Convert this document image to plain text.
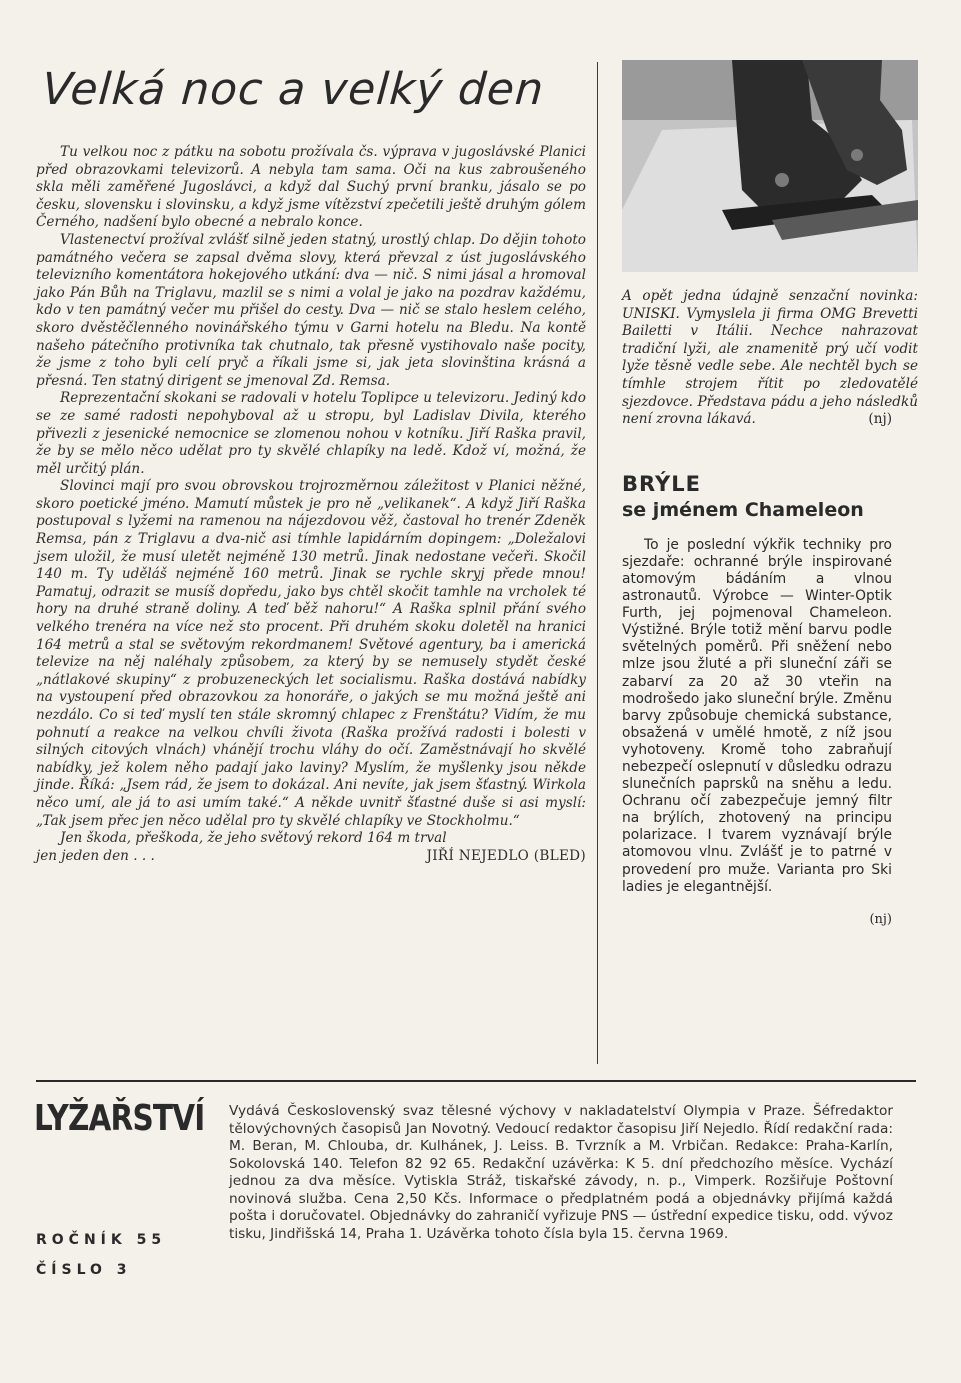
Velká noc a velký den

Tu velkou noc z pátku na sobotu prožívala čs. výprava v jugoslávské Planici před obrazovkami televizorů. A nebyla tam sama. Oči na kus zabroušeného skla měli zaměřené Jugoslávci, a když dal Suchý první branku, jásalo se po česku, slovensku i slovinsku, a když jsme vítězství zpečetili ještě druhým gólem Černého, nadšení bylo obecné a nebralo konce.

Vlastenectví prožíval zvlášť silně jeden statný, urostlý chlap. Do dějin tohoto památného večera se zapsal dvěma slovy, která převzal z úst jugoslávského televizního komentátora hokejového utkání: dva — nič. S nimi jásal a hromoval jako Pán Bůh na Triglavu, mazlil se s nimi a volal je jako na pozdrav každému, kdo v ten památný večer mu přišel do cesty. Dva — nič se stalo heslem celého, skoro dvěstěčlenného novinářského týmu v Garni hotelu na Bledu. Na kontě našeho pátečního protivníka tak chutnalo, tak přesně vystihovalo naše pocity, že jsme z toho byli celí pryč a říkali jsme si, jak jeta slovinština krásná a přesná. Ten statný dirigent se jmenoval Zd. Remsa.

Reprezentační skokani se radovali v hotelu Toplipce u televizoru. Jediný kdo se ze samé radosti nepohyboval až u stropu, byl Ladislav Divila, kterého přivezli z jesenické nemocnice se zlomenou nohou v kotníku. Jiří Raška pravil, že by se mělo něco udělat pro ty skvělé chlapíky na ledě. Kdož ví, možná, že měl určitý plán.

Slovinci mají pro svou obrovskou trojrozměrnou záležitost v Planici něžné, skoro poetické jméno. Mamutí můstek je pro ně „velikanek“. A když Jiří Raška postupoval s lyžemi na ramenou na nájezdovou věž, častoval ho trenér Zdeněk Remsa, pán z Triglavu a dva-nič asi tímhle lapidárním dopingem: „Doležalovi jsem uložil, že musí uletět nejméně 130 metrů. Jinak nedostane večeři. Skočil 140 m. Ty uděláš nejméně 160 metrů. Jinak se rychle skryj přede mnou! Pamatuj, odrazit se musíš dopředu, jako bys chtěl skočit tamhle na vrcholek té hory na druhé straně doliny. A teď běž nahoru!“ A Raška splnil přání svého velkého trenéra na více než sto procent. Při druhém skoku doletěl na hranici 164 metrů a stal se světovým rekordmanem! Světové agentury, ba i americká televize na něj naléhaly způsobem, za který by se nemusely stydět české „nátlakové skupiny“ z probuzeneckých let socialismu. Raška dostává nabídky na vystoupení před obrazovkou za honoráře, o jakých se mu možná ještě ani nezdálo. Co si teď myslí ten stále skromný chlapec z Frenštátu? Vidím, že mu pohnutí a reakce na velkou chvíli života (Raška prožívá radosti i bolesti v silných citových vlnách) vhánějí trochu vláhy do očí. Zaměstnávají ho skvělé nabídky, jež kolem něho padají jako laviny? Myslím, že myšlenky jsou někde jinde. Říká: „Jsem rád, že jsem to dokázal. Ani nevíte, jak jsem šťastný. Wirkola něco umí, ale já to asi umím také.“ A někde uvnitř šťastné duše si asi myslí: „Tak jsem přec jen něco udělal pro ty skvělé chlapíky ve Stockholmu.“

Jen škoda, přeškoda, že jeho světový rekord 164 m trval

jen jeden den . . .	JIŘÍ NEJEDLO (BLED)
A opět jedna údajně senzační novinka: UNISKI. Vymyslela ji firma OMG Brevetti Bailetti v Itálii. Nechce nahrazovat tradiční lyži, ale znamenitě prý učí vodit lyže těsně vedle sebe. Ale nechtěl bych se tímhle strojem řítit po zledovatělé sjezdovce. Představa pádu a jeho následků není zrovna lákavá.	(nj)
BRÝLE
se jménem Chameleon

To je poslední výkřik techniky pro sjezdaře: ochranné brýle inspirované atomovým bádáním a vlnou astronautů. Výrobce — Winter-Optik Furth, jej pojmenoval Chameleon. Výstižné. Brýle totiž mění barvu podle světelných poměrů. Při sněžení nebo mlze jsou žluté a při sluneční záři se zabarví za 20 až 30 vteřin na modrošedo jako sluneční brýle. Změnu barvy způsobuje chemická substance, obsažená v umělé hmotě, z níž jsou vyhotoveny. Kromě toho zabraňují nebezpečí oslepnutí v důsledku odrazu slunečních paprsků na sněhu a ledu. Ochranu očí zabezpečuje jemný filtr na brýlích, zhotovený na principu polarizace. I tvarem vyznávají brýle atomovou vlnu. Zvlášť je to patrné v provedení pro muže. Varianta pro Ski ladies je elegantnější.

(nj)
LYŽAŘSTVÍ
ROČNÍK 55
ČÍSLO 3
Vydává Československý svaz tělesné výchovy v nakladatelství Olympia v Praze. Šéfredaktor tělovýchovných časopisů Jan Novotný. Vedoucí redaktor časopisu Jiří Nejedlo. Řídí redakční rada: M. Beran, M. Chlouba, dr. Kulhánek, J. Leiss. B. Tvrzník a M. Vrbičan. Redakce: Praha-Karlín, Sokolovská 140. Telefon 82 92 65. Redakční uzávěrka: K 5. dní předchozího měsíce. Vychází jednou za dva měsíce. Vytiskla Stráž, tiskařské závody, n. p., Vimperk. Rozšiřuje Poštovní novinová služba. Cena 2,50 Kčs. Informace o předplatném podá a objednávky přijímá každá pošta i doručovatel. Objednávky do zahraničí vyřizuje PNS — ústřední expedice tisku, odd. vývoz tisku, Jindřišská 14, Praha 1. Uzávěrka tohoto čísla byla 15. června 1969.
